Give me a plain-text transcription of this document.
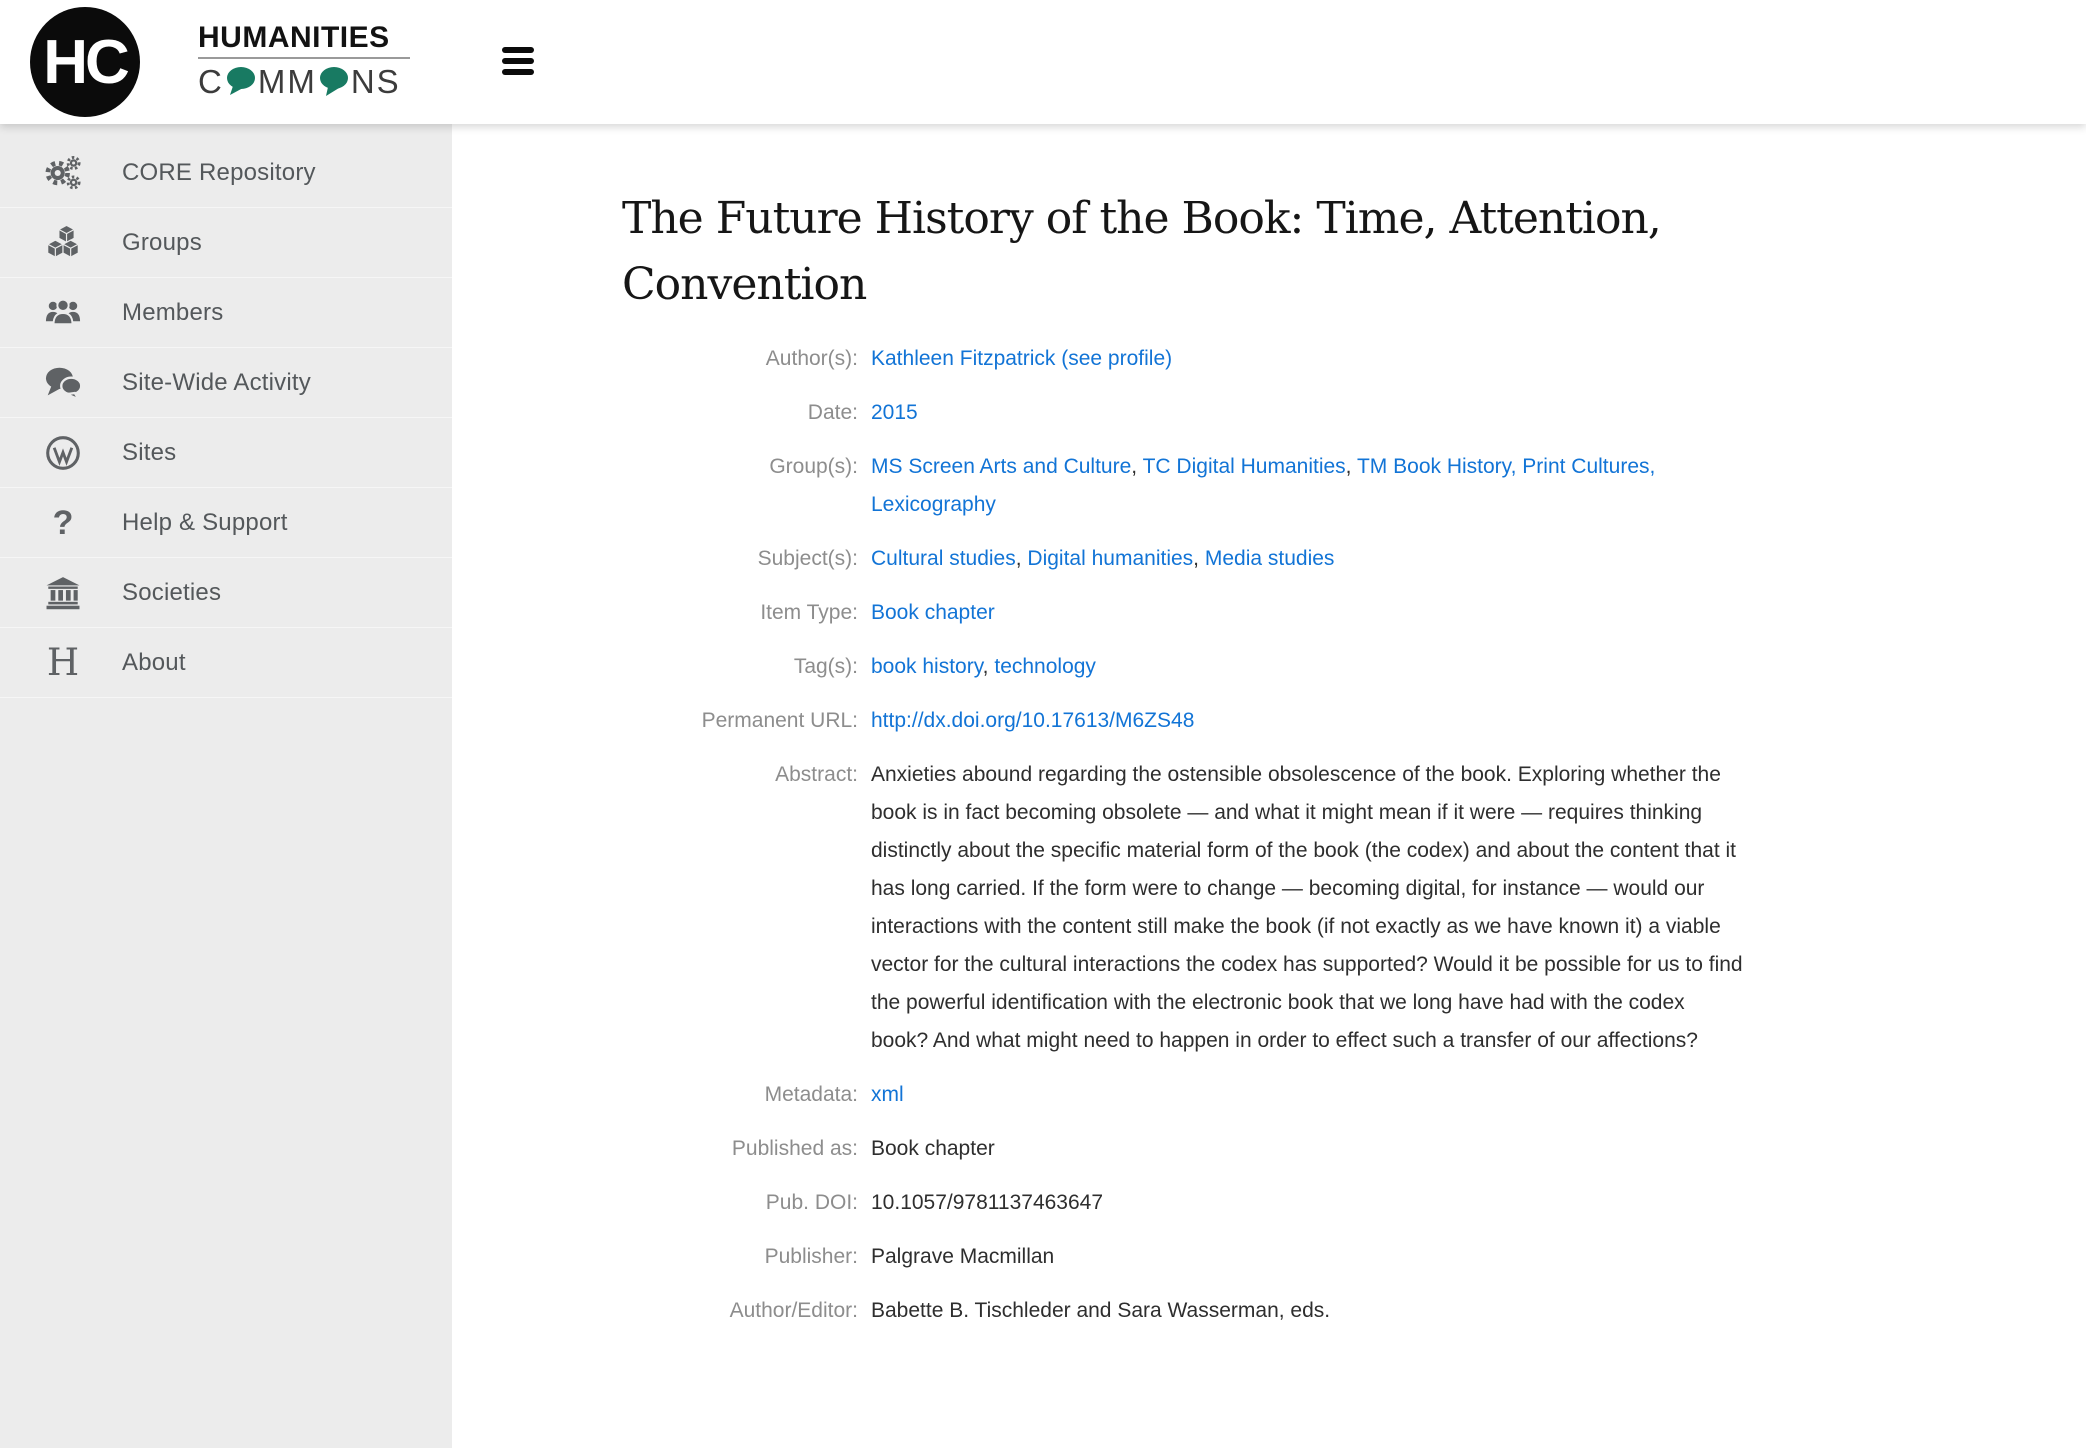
HC	HUMANITIES
C MM NS
CORE Repository
Groups
Members
Site-Wide Activity
Sites
? Help & Support
Societies
H About
The Future History of the Book: Time, Attention,
Convention
Author(s): Kathleen Fitzpatrick (see profile)
Date: 2015
Group(s): MS Screen Arts and Culture, TC Digital Humanities, TM Book History, Print Cultures, Lexicography
Subject(s): Cultural studies, Digital humanities, Media studies
Item Type: Book chapter
Tag(s): book history, technology
Permanent URL: http://dx.doi.org/10.17613/M6ZS48
Abstract: Anxieties abound regarding the ostensible obsolescence of the book. Exploring whether the book is in fact becoming obsolete — and what it might mean if it were — requires thinking distinctly about the specific material form of the book (the codex) and about the content that it has long carried. If the form were to change — becoming digital, for instance — would our interactions with the content still make the book (if not exactly as we have known it) a viable vector for the cultural interactions the codex has supported? Would it be possible for us to find the powerful identification with the electronic book that we long have had with the codex book? And what might need to happen in order to effect such a transfer of our affections?
Metadata: xml
Published as: Book chapter
Pub. DOI: 10.1057/9781137463647
Publisher: Palgrave Macmillan
Author/Editor: Babette B. Tischleder and Sara Wasserman, eds.
